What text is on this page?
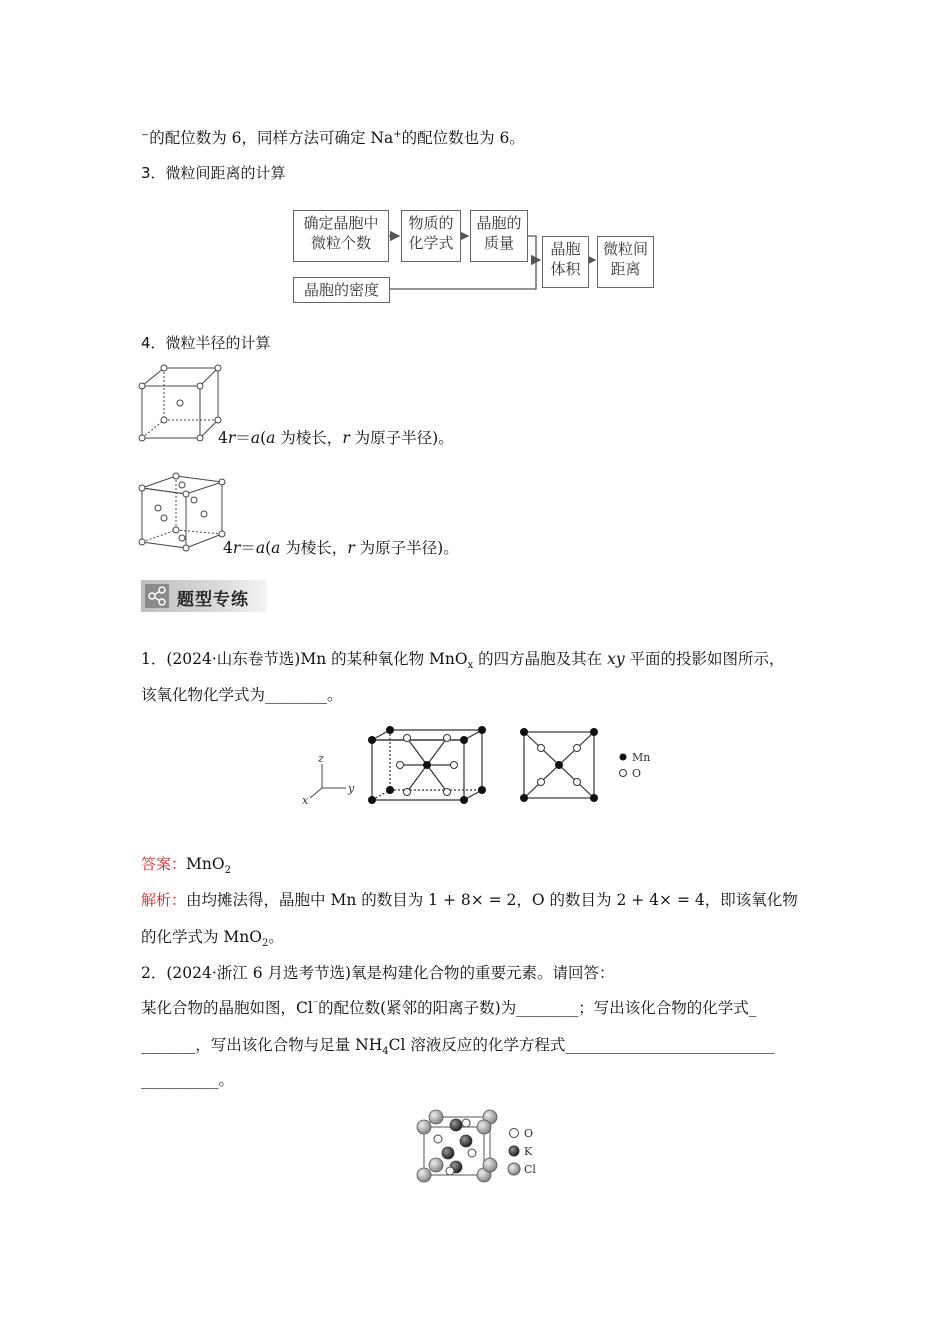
⁻的配位数为 6，同样方法可确定 Na+的配位数也为 6。
3．微粒间距离的计算
确定晶胞中
微粒个数
物质的
化学式
晶胞的
质量	晶胞
体积
微粒间
距离
晶胞的密度
4．微粒半径的计算
4r＝a(a 为棱长，r 为原子半径)。
4r＝a(a 为棱长，r 为原子半径)。
题型专练
1．(2024·山东卷节选)Mn 的某种氧化物 MnO$_x$ 的四方晶胞及其在 xy 平面的投影如图所示，
该氧化物化学式为________。
z
y
x
Mn
O
答案：MnO$_2$
解析：由均摊法得，晶胞中 Mn 的数目为 1 + 8× = 2，O 的数目为 2 + 4× = 4，即该氧化物
的化学式为 MnO$_2$。
2．(2024·浙江 6 月选考节选)氧是构建化合物的重要元素。请回答：
某化合物的晶胞如图，Cl⁻的配位数(紧邻的阳离子数)为________；写出该化合物的化学式_
_______，写出该化合物与足量 $NH_4Cl$ 溶液反应的化学方程式___________________________
__________。
O
K
Cl
